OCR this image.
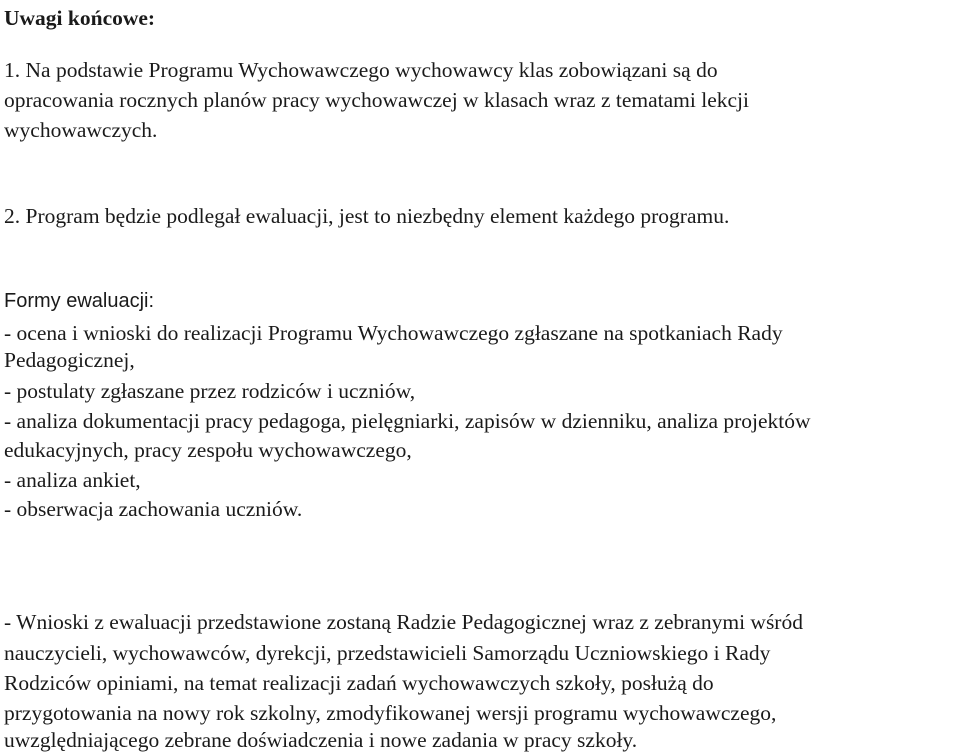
Uwagi końcowe:
1. Na podstawie Programu Wychowawczego wychowawcy klas zobowiązani są do
opracowania rocznych planów pracy wychowawczej w klasach wraz z tematami lekcji
wychowawczych.
2. Program będzie podlegał ewaluacji, jest to niezbędny element każdego programu.
Formy ewaluacji:
- ocena i wnioski do realizacji Programu Wychowawczego zgłaszane na spotkaniach Rady
Pedagogicznej,
- postulaty zgłaszane przez rodziców i uczniów,
- analiza dokumentacji pracy pedagoga, pielęgniarki, zapisów w dzienniku, analiza projektów
edukacyjnych, pracy zespołu wychowawczego,
- analiza ankiet,
- obserwacja zachowania uczniów.
- Wnioski z ewaluacji przedstawione zostaną Radzie Pedagogicznej wraz z zebranymi wśród
nauczycieli, wychowawców, dyrekcji, przedstawicieli Samorządu Uczniowskiego i Rady
Rodziców opiniami, na temat realizacji zadań wychowawczych szkoły, posłużą do
przygotowania na nowy rok szkolny, zmodyfikowanej wersji programu wychowawczego,
uwzględniającego zebrane doświadczenia i nowe zadania w pracy szkoły.
